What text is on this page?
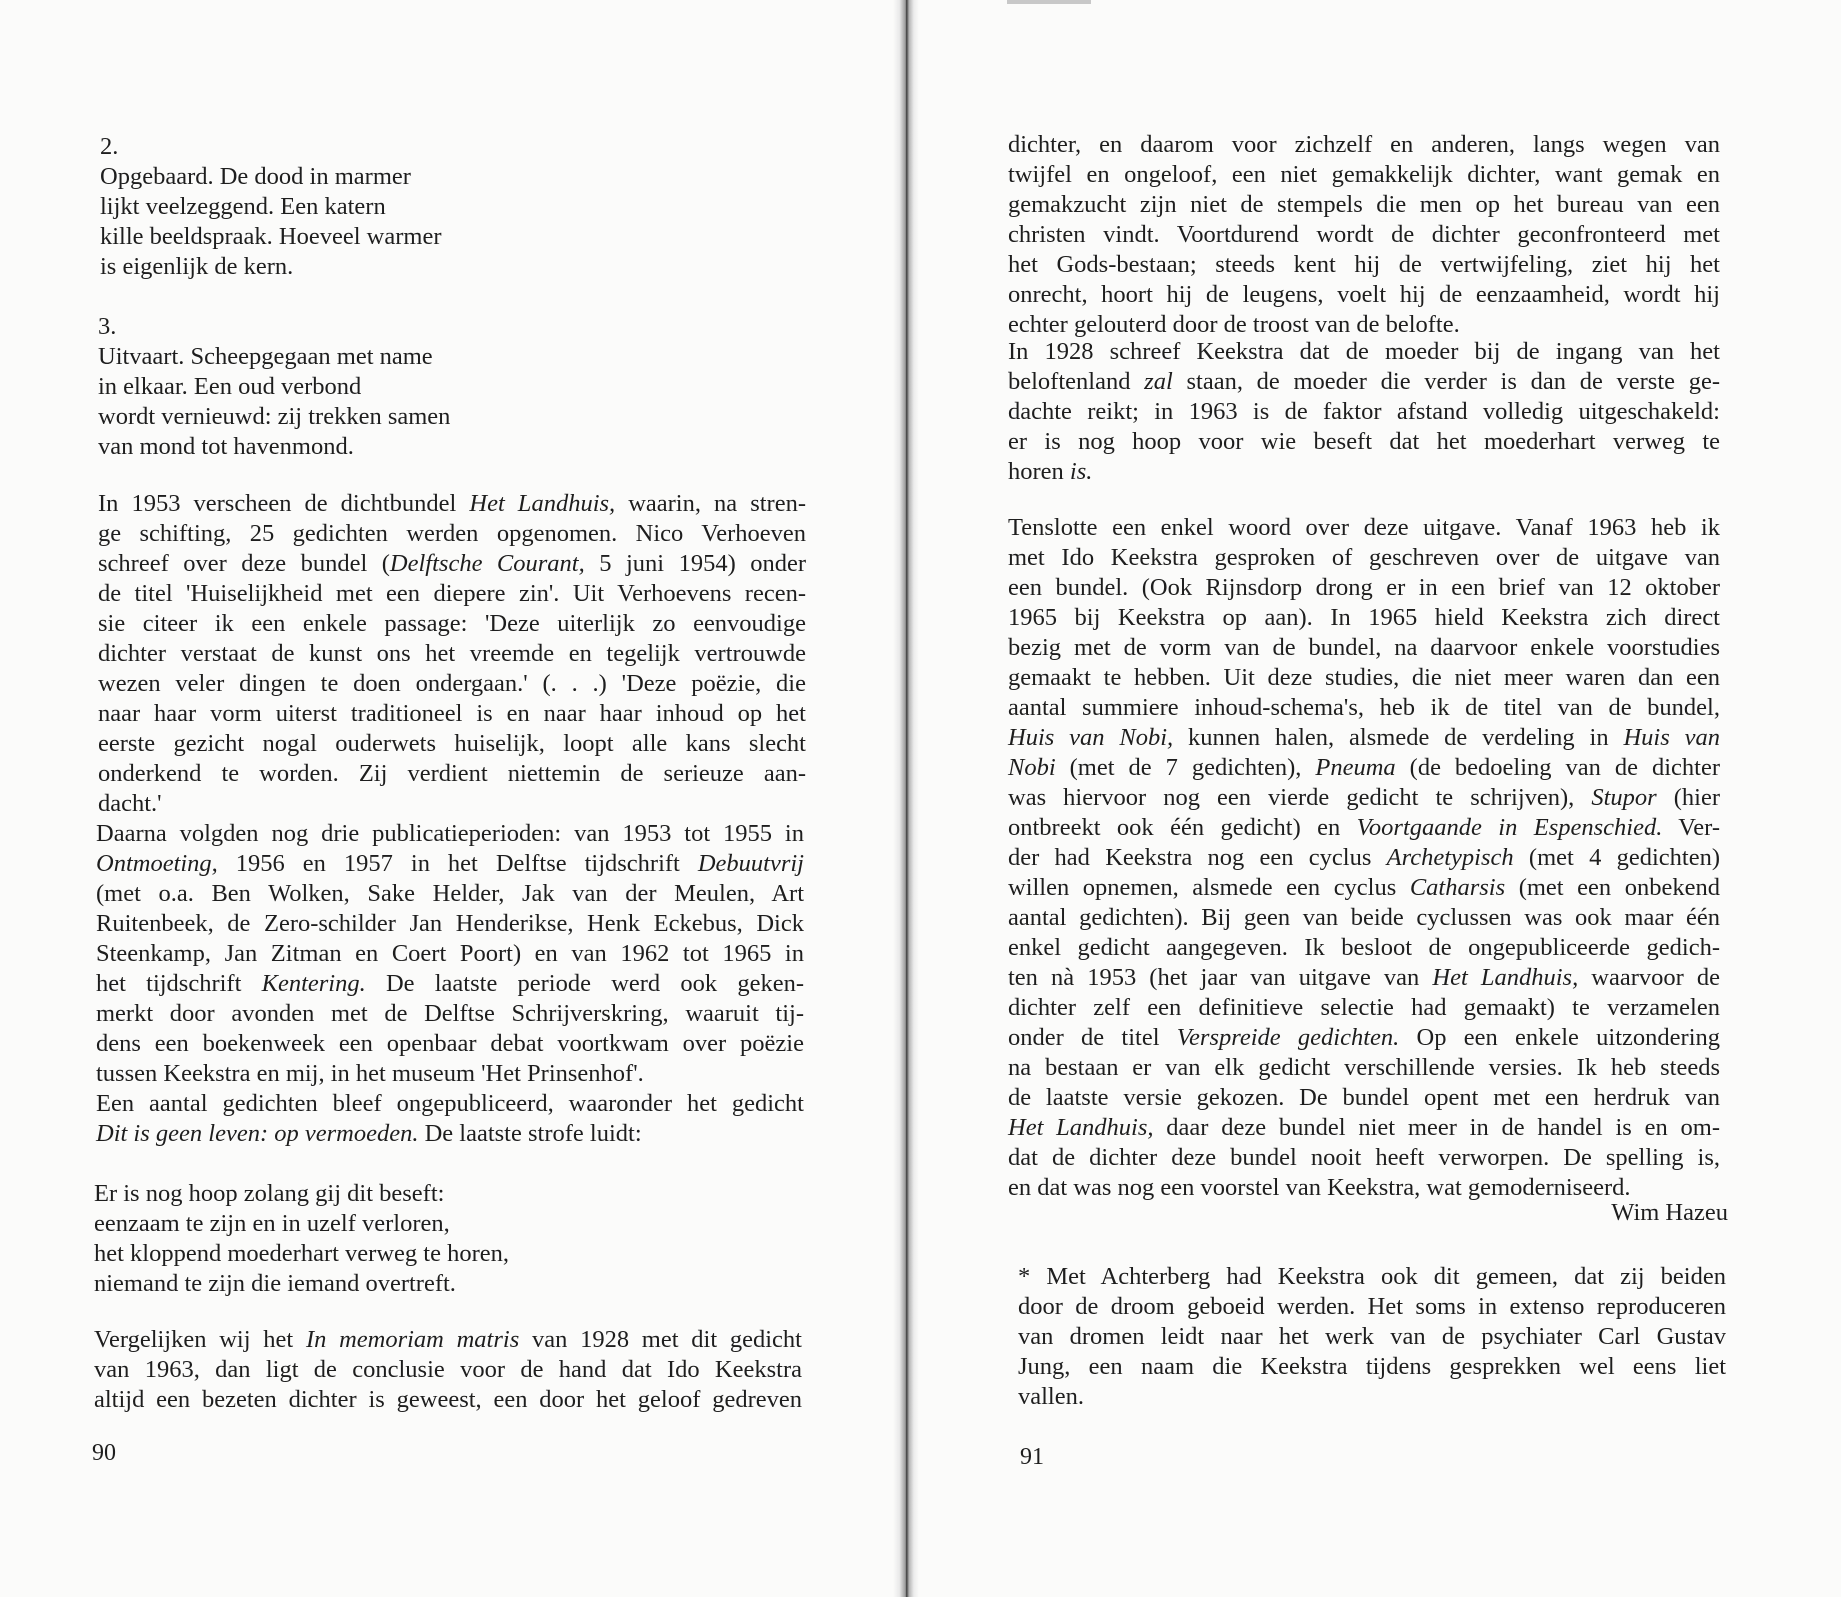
2.
Opgebaard. De dood in marmer
lijkt veelzeggend. Een katern
kille beeldspraak. Hoeveel warmer
is eigenlijk de kern.
3.
Uitvaart. Scheepgegaan met name
in elkaar. Een oud verbond
wordt vernieuwd: zij trekken samen
van mond tot havenmond.
In 1953 verscheen de dichtbundel Het Landhuis, waarin, na stren-
ge schifting, 25 gedichten werden opgenomen. Nico Verhoeven
schreef over deze bundel (Delftsche Courant, 5 juni 1954) onder
de titel 'Huiselijkheid met een diepere zin'. Uit Verhoevens recen-
sie citeer ik een enkele passage: 'Deze uiterlijk zo eenvoudige
dichter verstaat de kunst ons het vreemde en tegelijk vertrouwde
wezen veler dingen te doen ondergaan.' (. . .) 'Deze poëzie, die
naar haar vorm uiterst traditioneel is en naar haar inhoud op het
eerste gezicht nogal ouderwets huiselijk, loopt alle kans slecht
onderkend te worden. Zij verdient niettemin de serieuze aan-
dacht.'
Daarna volgden nog drie publicatieperioden: van 1953 tot 1955 in
Ontmoeting, 1956 en 1957 in het Delftse tijdschrift Debuutvrij
(met o.a. Ben Wolken, Sake Helder, Jak van der Meulen, Art
Ruitenbeek, de Zero-schilder Jan Henderikse, Henk Eckebus, Dick
Steenkamp, Jan Zitman en Coert Poort) en van 1962 tot 1965 in
het tijdschrift Kentering. De laatste periode werd ook geken-
merkt door avonden met de Delftse Schrijverskring, waaruit tij-
dens een boekenweek een openbaar debat voortkwam over poëzie
tussen Keekstra en mij, in het museum 'Het Prinsenhof'.
Een aantal gedichten bleef ongepubliceerd, waaronder het gedicht
Dit is geen leven: op vermoeden. De laatste strofe luidt:
Er is nog hoop zolang gij dit beseft:
eenzaam te zijn en in uzelf verloren,
het kloppend moederhart verweg te horen,
niemand te zijn die iemand overtreft.
Vergelijken wij het In memoriam matris van 1928 met dit gedicht
van 1963, dan ligt de conclusie voor de hand dat Ido Keekstra
altijd een bezeten dichter is geweest, een door het geloof gedreven
90
dichter, en daarom voor zichzelf en anderen, langs wegen van
twijfel en ongeloof, een niet gemakkelijk dichter, want gemak en
gemakzucht zijn niet de stempels die men op het bureau van een
christen vindt. Voortdurend wordt de dichter geconfronteerd met
het Gods-bestaan; steeds kent hij de vertwijfeling, ziet hij het
onrecht, hoort hij de leugens, voelt hij de eenzaamheid, wordt hij
echter gelouterd door de troost van de belofte.
In 1928 schreef Keekstra dat de moeder bij de ingang van het
beloftenland zal staan, de moeder die verder is dan de verste ge-
dachte reikt; in 1963 is de faktor afstand volledig uitgeschakeld:
er is nog hoop voor wie beseft dat het moederhart verweg te
horen is.
Tenslotte een enkel woord over deze uitgave. Vanaf 1963 heb ik
met Ido Keekstra gesproken of geschreven over de uitgave van
een bundel. (Ook Rijnsdorp drong er in een brief van 12 oktober
1965 bij Keekstra op aan). In 1965 hield Keekstra zich direct
bezig met de vorm van de bundel, na daarvoor enkele voorstudies
gemaakt te hebben. Uit deze studies, die niet meer waren dan een
aantal summiere inhoud-schema's, heb ik de titel van de bundel,
Huis van Nobi, kunnen halen, alsmede de verdeling in Huis van
Nobi (met de 7 gedichten), Pneuma (de bedoeling van de dichter
was hiervoor nog een vierde gedicht te schrijven), Stupor (hier
ontbreekt ook één gedicht) en Voortgaande in Espenschied. Ver-
der had Keekstra nog een cyclus Archetypisch (met 4 gedichten)
willen opnemen, alsmede een cyclus Catharsis (met een onbekend
aantal gedichten). Bij geen van beide cyclussen was ook maar één
enkel gedicht aangegeven. Ik besloot de ongepubliceerde gedich-
ten nà 1953 (het jaar van uitgave van Het Landhuis, waarvoor de
dichter zelf een definitieve selectie had gemaakt) te verzamelen
onder de titel Verspreide gedichten. Op een enkele uitzondering
na bestaan er van elk gedicht verschillende versies. Ik heb steeds
de laatste versie gekozen. De bundel opent met een herdruk van
Het Landhuis, daar deze bundel niet meer in de handel is en om-
dat de dichter deze bundel nooit heeft verworpen. De spelling is,
en dat was nog een voorstel van Keekstra, wat gemoderniseerd.
Wim Hazeu
* Met Achterberg had Keekstra ook dit gemeen, dat zij beiden
door de droom geboeid werden. Het soms in extenso reproduceren
van dromen leidt naar het werk van de psychiater Carl Gustav
Jung, een naam die Keekstra tijdens gesprekken wel eens liet
vallen.
91
